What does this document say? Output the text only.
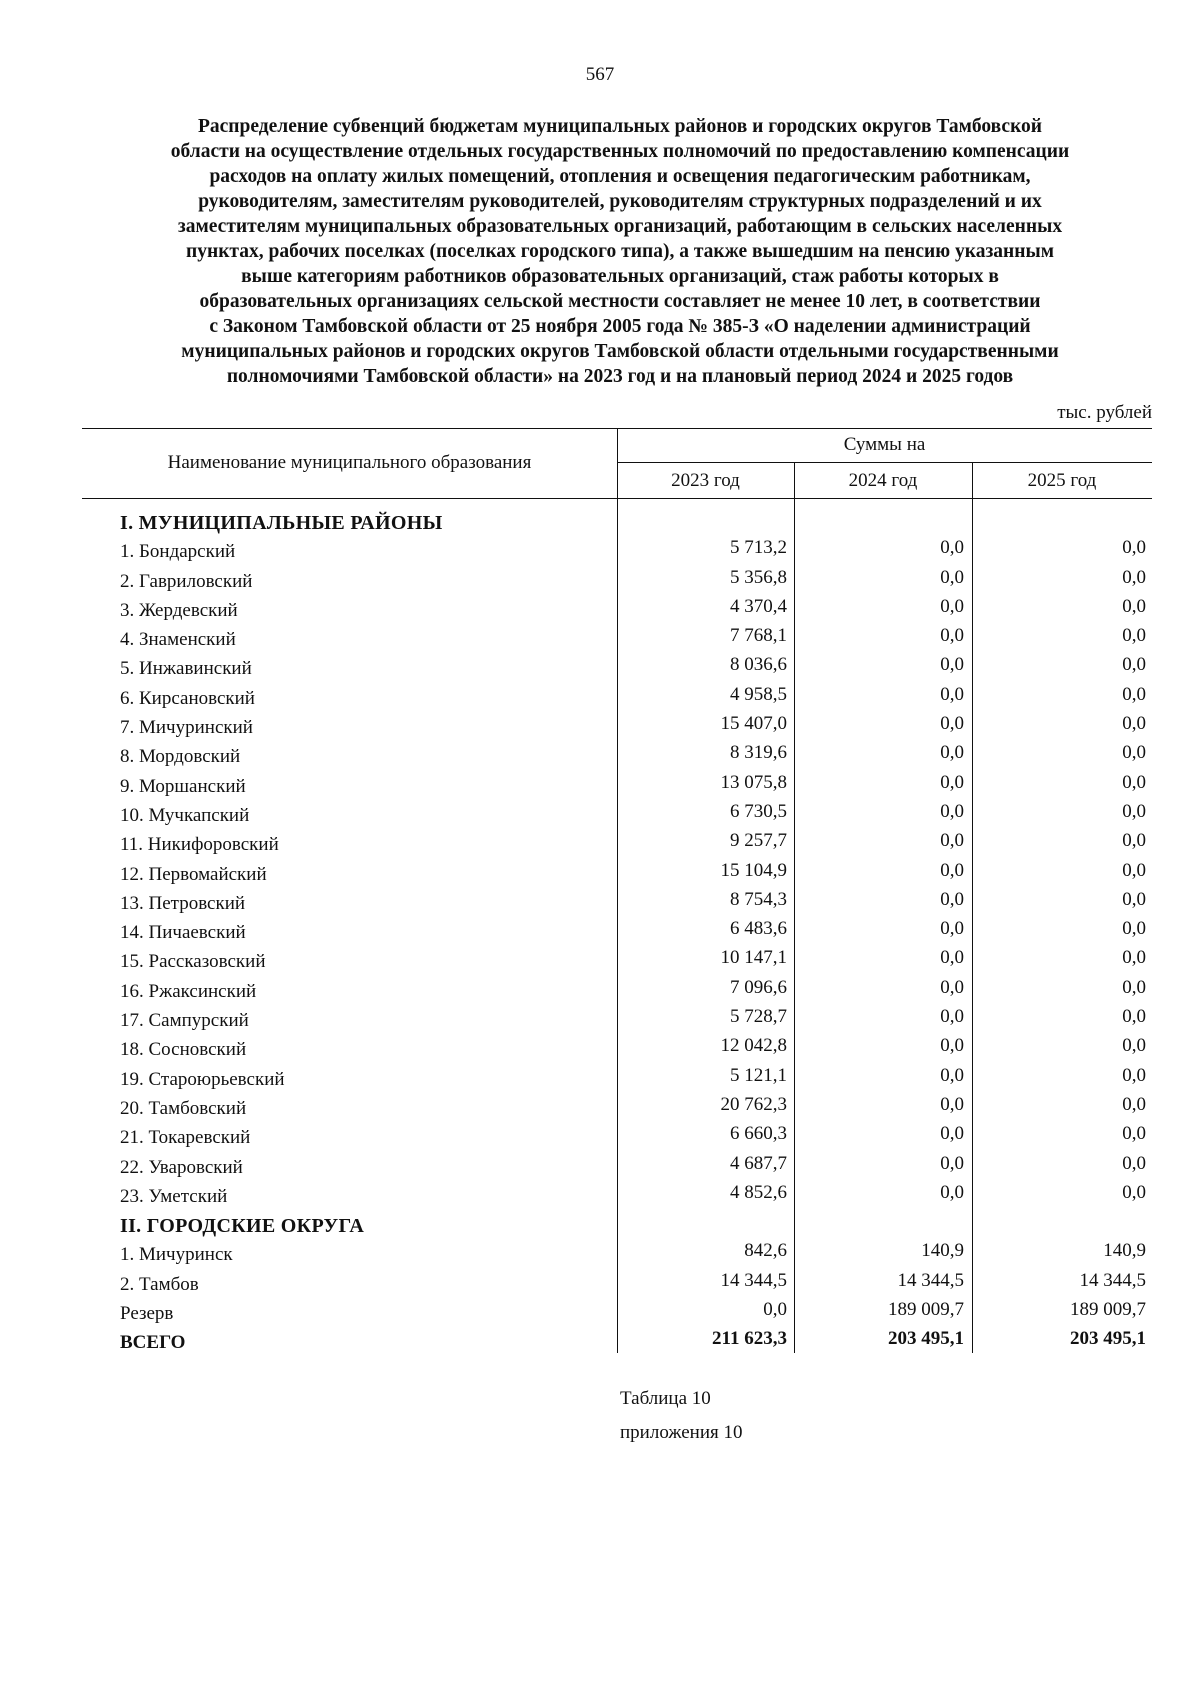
567
Распределение субвенций бюджетам муниципальных районов и городских округов Тамбовской
области на осуществление отдельных государственных полномочий по предоставлению компенсации
расходов на оплату жилых помещений, отопления и освещения педагогическим работникам,
руководителям, заместителям руководителей, руководителям структурных подразделений и их
заместителям муниципальных образовательных организаций, работающим в сельских населенных
пунктах, рабочих поселках (поселках городского типа), а также вышедшим на пенсию указанным
выше категориям работников образовательных организаций, стаж работы которых в
образовательных организациях сельской местности составляет не менее 10 лет, в соответствии
с Законом Тамбовской области от 25 ноября 2005 года № 385-З «О наделении администраций
муниципальных районов и городских округов Тамбовской области отдельными государственными
полномочиями Тамбовской области» на 2023 год и на плановый период 2024 и 2025 годов
тыс. рублей
Наименование муниципального образования
Суммы на
2023 год	2024 год	2025 год
I. МУНИЦИПАЛЬНЫЕ РАЙОНЫ
1. Бондарский	5 713,2	0,0	0,0
2. Гавриловский	5 356,8	0,0	0,0
3. Жердевский	4 370,4	0,0	0,0
4. Знаменский	7 768,1	0,0	0,0
5. Инжавинский	8 036,6	0,0	0,0
6. Кирсановский	4 958,5	0,0	0,0
7. Мичуринский	15 407,0	0,0	0,0
8. Мордовский	8 319,6	0,0	0,0
9. Моршанский	13 075,8	0,0	0,0
10. Мучкапский	6 730,5	0,0	0,0
11. Никифоровский	9 257,7	0,0	0,0
12. Первомайский	15 104,9	0,0	0,0
13. Петровский	8 754,3	0,0	0,0
14. Пичаевский	6 483,6	0,0	0,0
15. Рассказовский	10 147,1	0,0	0,0
16. Ржаксинский	7 096,6	0,0	0,0
17. Сампурский	5 728,7	0,0	0,0
18. Сосновский	12 042,8	0,0	0,0
19. Староюрьевский	5 121,1	0,0	0,0
20. Тамбовский	20 762,3	0,0	0,0
21. Токаревский	6 660,3	0,0	0,0
22. Уваровский	4 687,7	0,0	0,0
23. Уметский	4 852,6	0,0	0,0
II. ГОРОДСКИЕ ОКРУГА
1. Мичуринск	842,6	140,9	140,9
2. Тамбов	14 344,5	14 344,5	14 344,5
Резерв	0,0	189 009,7	189 009,7
ВСЕГО	211 623,3	203 495,1	203 495,1
Таблица 10
приложения 10
